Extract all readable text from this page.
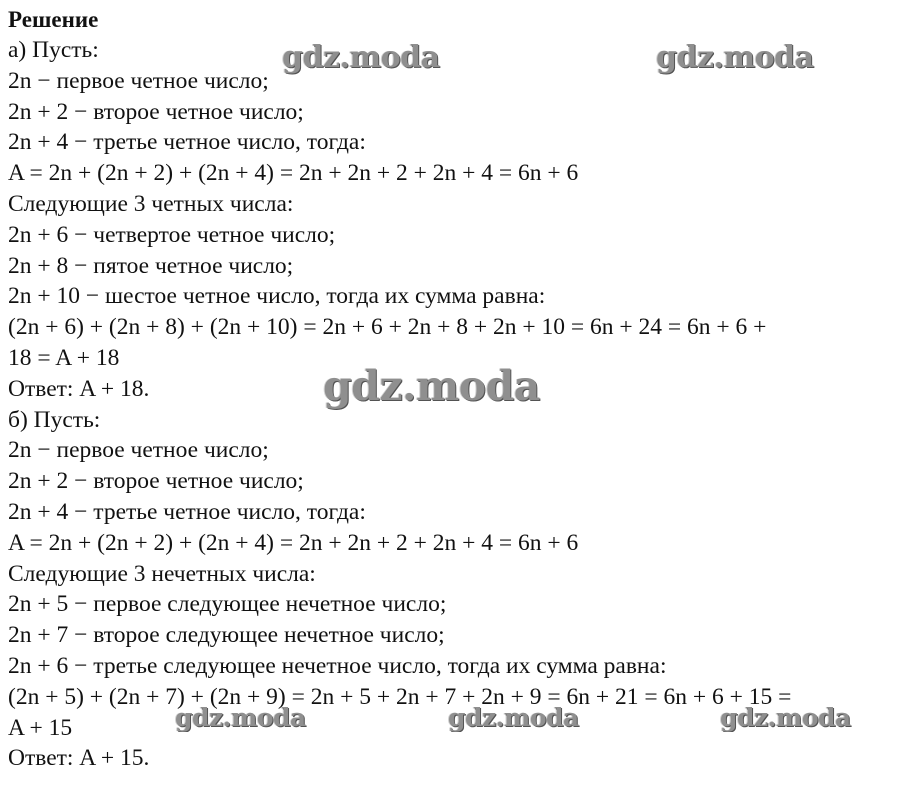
Решение
а) Пусть:
2n − первое четное число;
2n + 2 − второе четное число;
2n + 4 − третье четное число, тогда:
A = 2n + (2n + 2) + (2n + 4) = 2n + 2n + 2 + 2n + 4 = 6n + 6
Следующие 3 четных числа:
2n + 6 − четвертое четное число;
2n + 8 − пятое четное число;
2n + 10 − шестое четное число, тогда их сумма равна:
(2n + 6) + (2n + 8) + (2n + 10) = 2n + 6 + 2n + 8 + 2n + 10 = 6n + 24 = 6n + 6 +
18 = A + 18
Ответ: A + 18.
б) Пусть:
2n − первое четное число;
2n + 2 − второе четное число;
2n + 4 − третье четное число, тогда:
A = 2n + (2n + 2) + (2n + 4) = 2n + 2n + 2 + 2n + 4 = 6n + 6
Следующие 3 нечетных числа:
2n + 5 − первое следующее нечетное число;
2n + 7 − второе следующее нечетное число;
2n + 6 − третье следующее нечетное число, тогда их сумма равна:
(2n + 5) + (2n + 7) + (2n + 9) = 2n + 5 + 2n + 7 + 2n + 9 = 6n + 21 = 6n + 6 + 15 =
A + 15
Ответ: A + 15.
gdz.moda	gdz.moda
gdz.moda
gdz.moda	gdz.moda	gdz.moda
